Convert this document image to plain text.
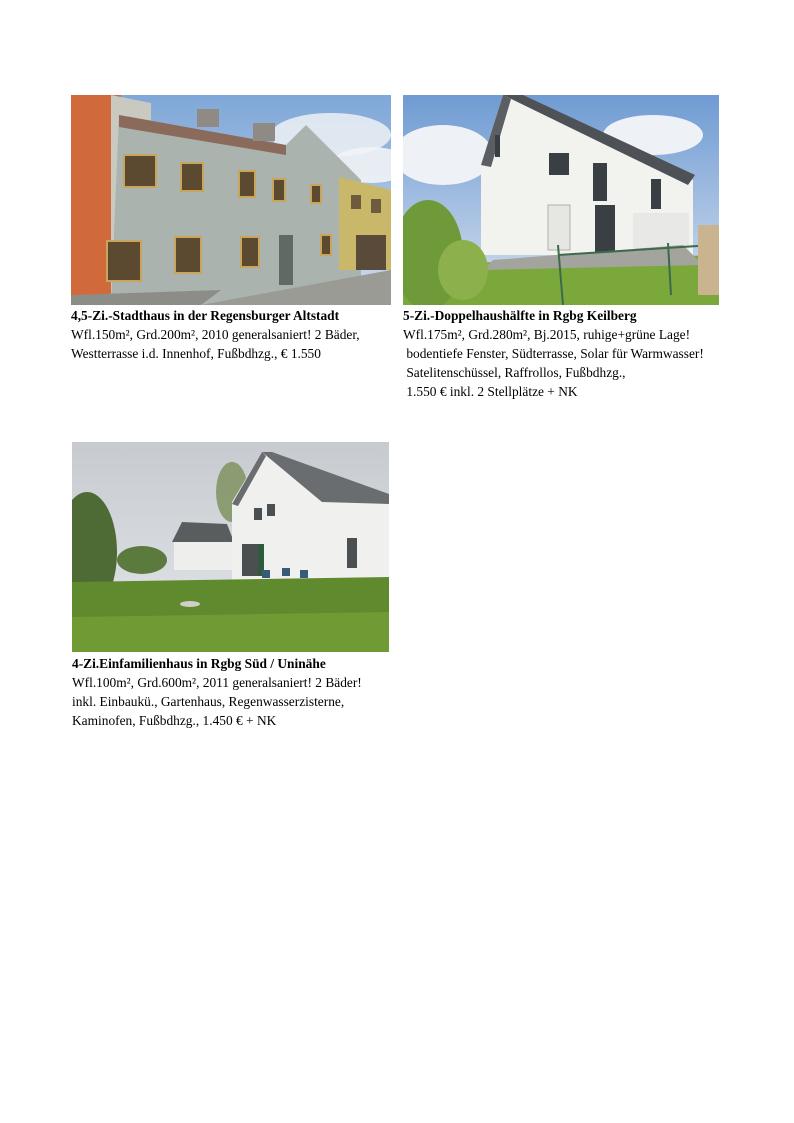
4,5-Zi.-Stadthaus in der Regensburger Altstadt
Wfl.150m², Grd.200m², 2010 generalsaniert! 2 Bäder,
Westterrasse i.d. Innenhof, Fußbdhzg., € 1.550
5-Zi.-Doppelhaushälfte in Rgbg Keilberg
Wfl.175m², Grd.280m², Bj.2015, ruhige+grüne Lage!
bodentiefe Fenster, Südterrasse, Solar für Warmwasser!
Satelitenschüssel, Raffrollos, Fußbdhzg.,
1.550 € inkl. 2 Stellplätze + NK
4-Zi.Einfamilienhaus in Rgbg Süd / Uninähe
Wfl.100m², Grd.600m², 2011 generalsaniert! 2 Bäder!
inkl. Einbaukü., Gartenhaus, Regenwasserzisterne,
Kaminofen, Fußbdhzg., 1.450 € + NK
